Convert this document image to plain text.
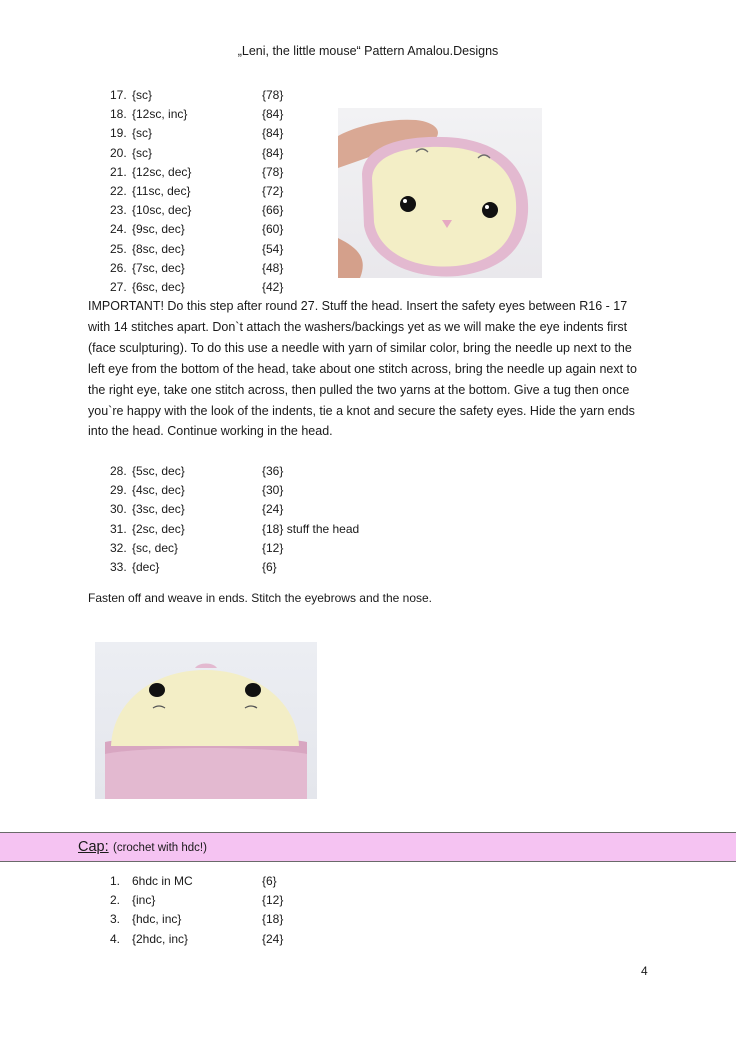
„Leni, the little mouse“ Pattern Amalou.Designs
17. {sc}	{78}
18. {12sc, inc}	{84}
19. {sc}	{84}
20. {sc}	{84}
21. {12sc, dec}	{78}
22. {11sc, dec}	{72}
23. {10sc, dec}	{66}
24. {9sc, dec}	{60}
25. {8sc, dec}	{54}
26. {7sc, dec}	{48}
27. {6sc, dec}	{42}
IMPORTANT! Do this step after round 27. Stuff the head. Insert the safety eyes between R16 - 17 with 14 stitches apart. Don`t attach the washers/backings yet as we will make the eye indents first (face sculpturing). To do this use a needle with yarn of similar color, bring the needle up next to the left eye from the bottom of the head, take about one stitch across, bring the needle up again next to the right eye, take one stitch across, then pulled the two yarns at the bottom. Give a tug then once you`re happy with the look of the indents, tie a knot and secure the safety eyes. Hide the yarn ends into the head. Continue working in the head.
28.{5sc, dec}	{36}
29. {4sc, dec}	{30}
30. {3sc, dec}	{24}
31. {2sc, dec}	{18} stuff the head
32. {sc, dec}	{12}
33. {dec}	{6}
Fasten off and weave in ends. Stitch the eyebrows and the nose.
Cap: (crochet with hdc!)
1. 6hdc in MC	{6}
2. {inc}	{12}
3. {hdc, inc}	{18}
4. {2hdc, inc}	{24}
4
